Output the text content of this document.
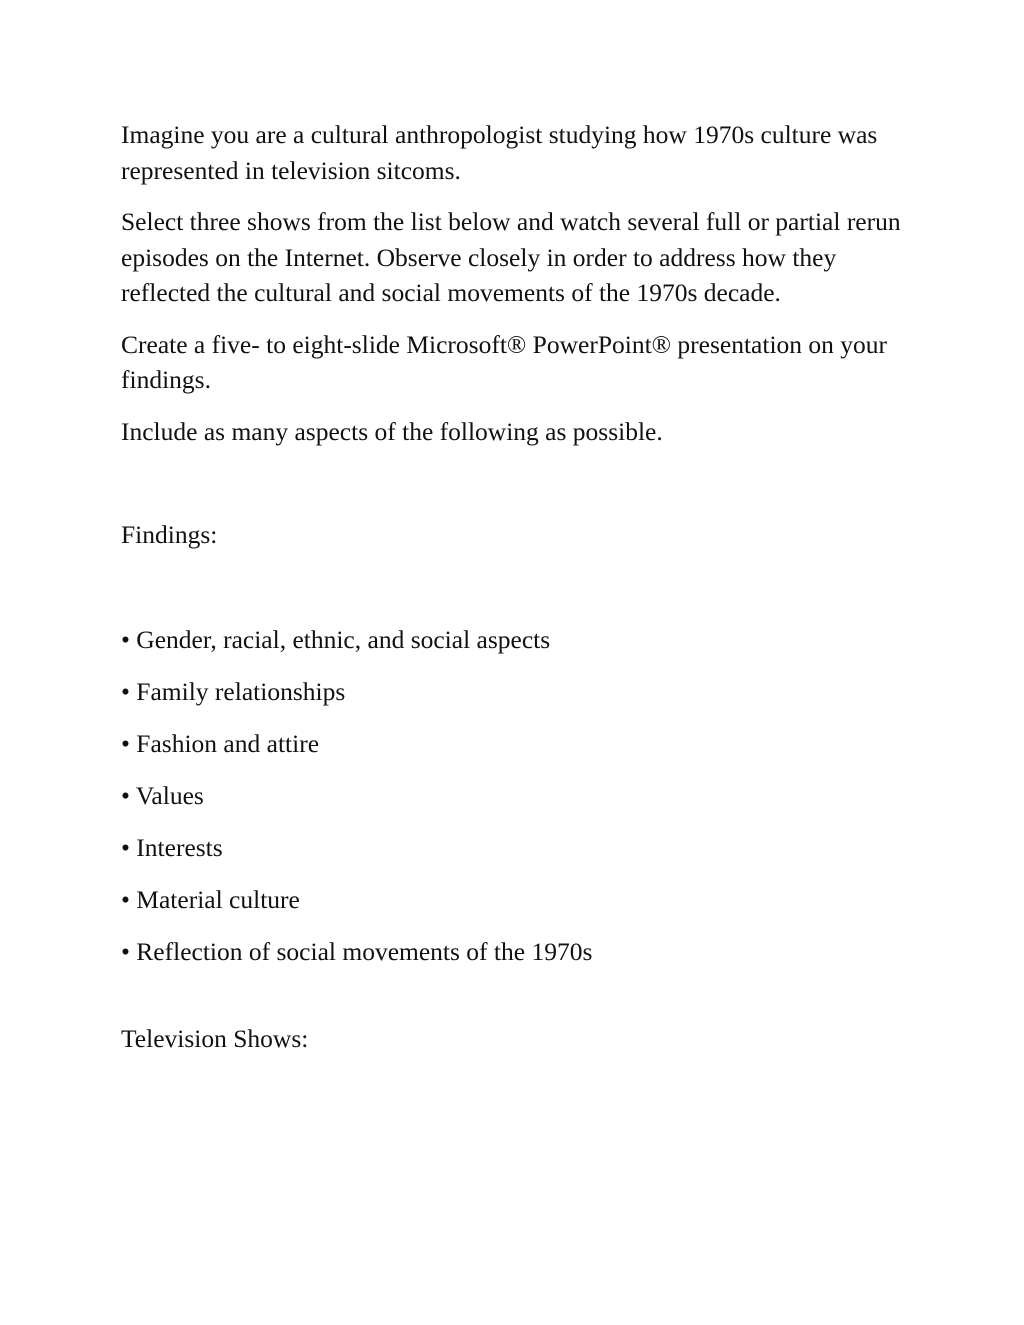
Imagine you are a cultural anthropologist studying how 1970s culture was represented in television sitcoms.

Select three shows from the list below and watch several full or partial rerun episodes on the Internet. Observe closely in order to address how they reflected the cultural and social movements of the 1970s decade.

Create a five- to eight-slide Microsoft® PowerPoint® presentation on your findings.

Include as many aspects of the following as possible.

Findings:

• Gender, racial, ethnic, and social aspects
• Family relationships
• Fashion and attire
• Values
• Interests
• Material culture
• Reflection of social movements of the 1970s

Television Shows:
